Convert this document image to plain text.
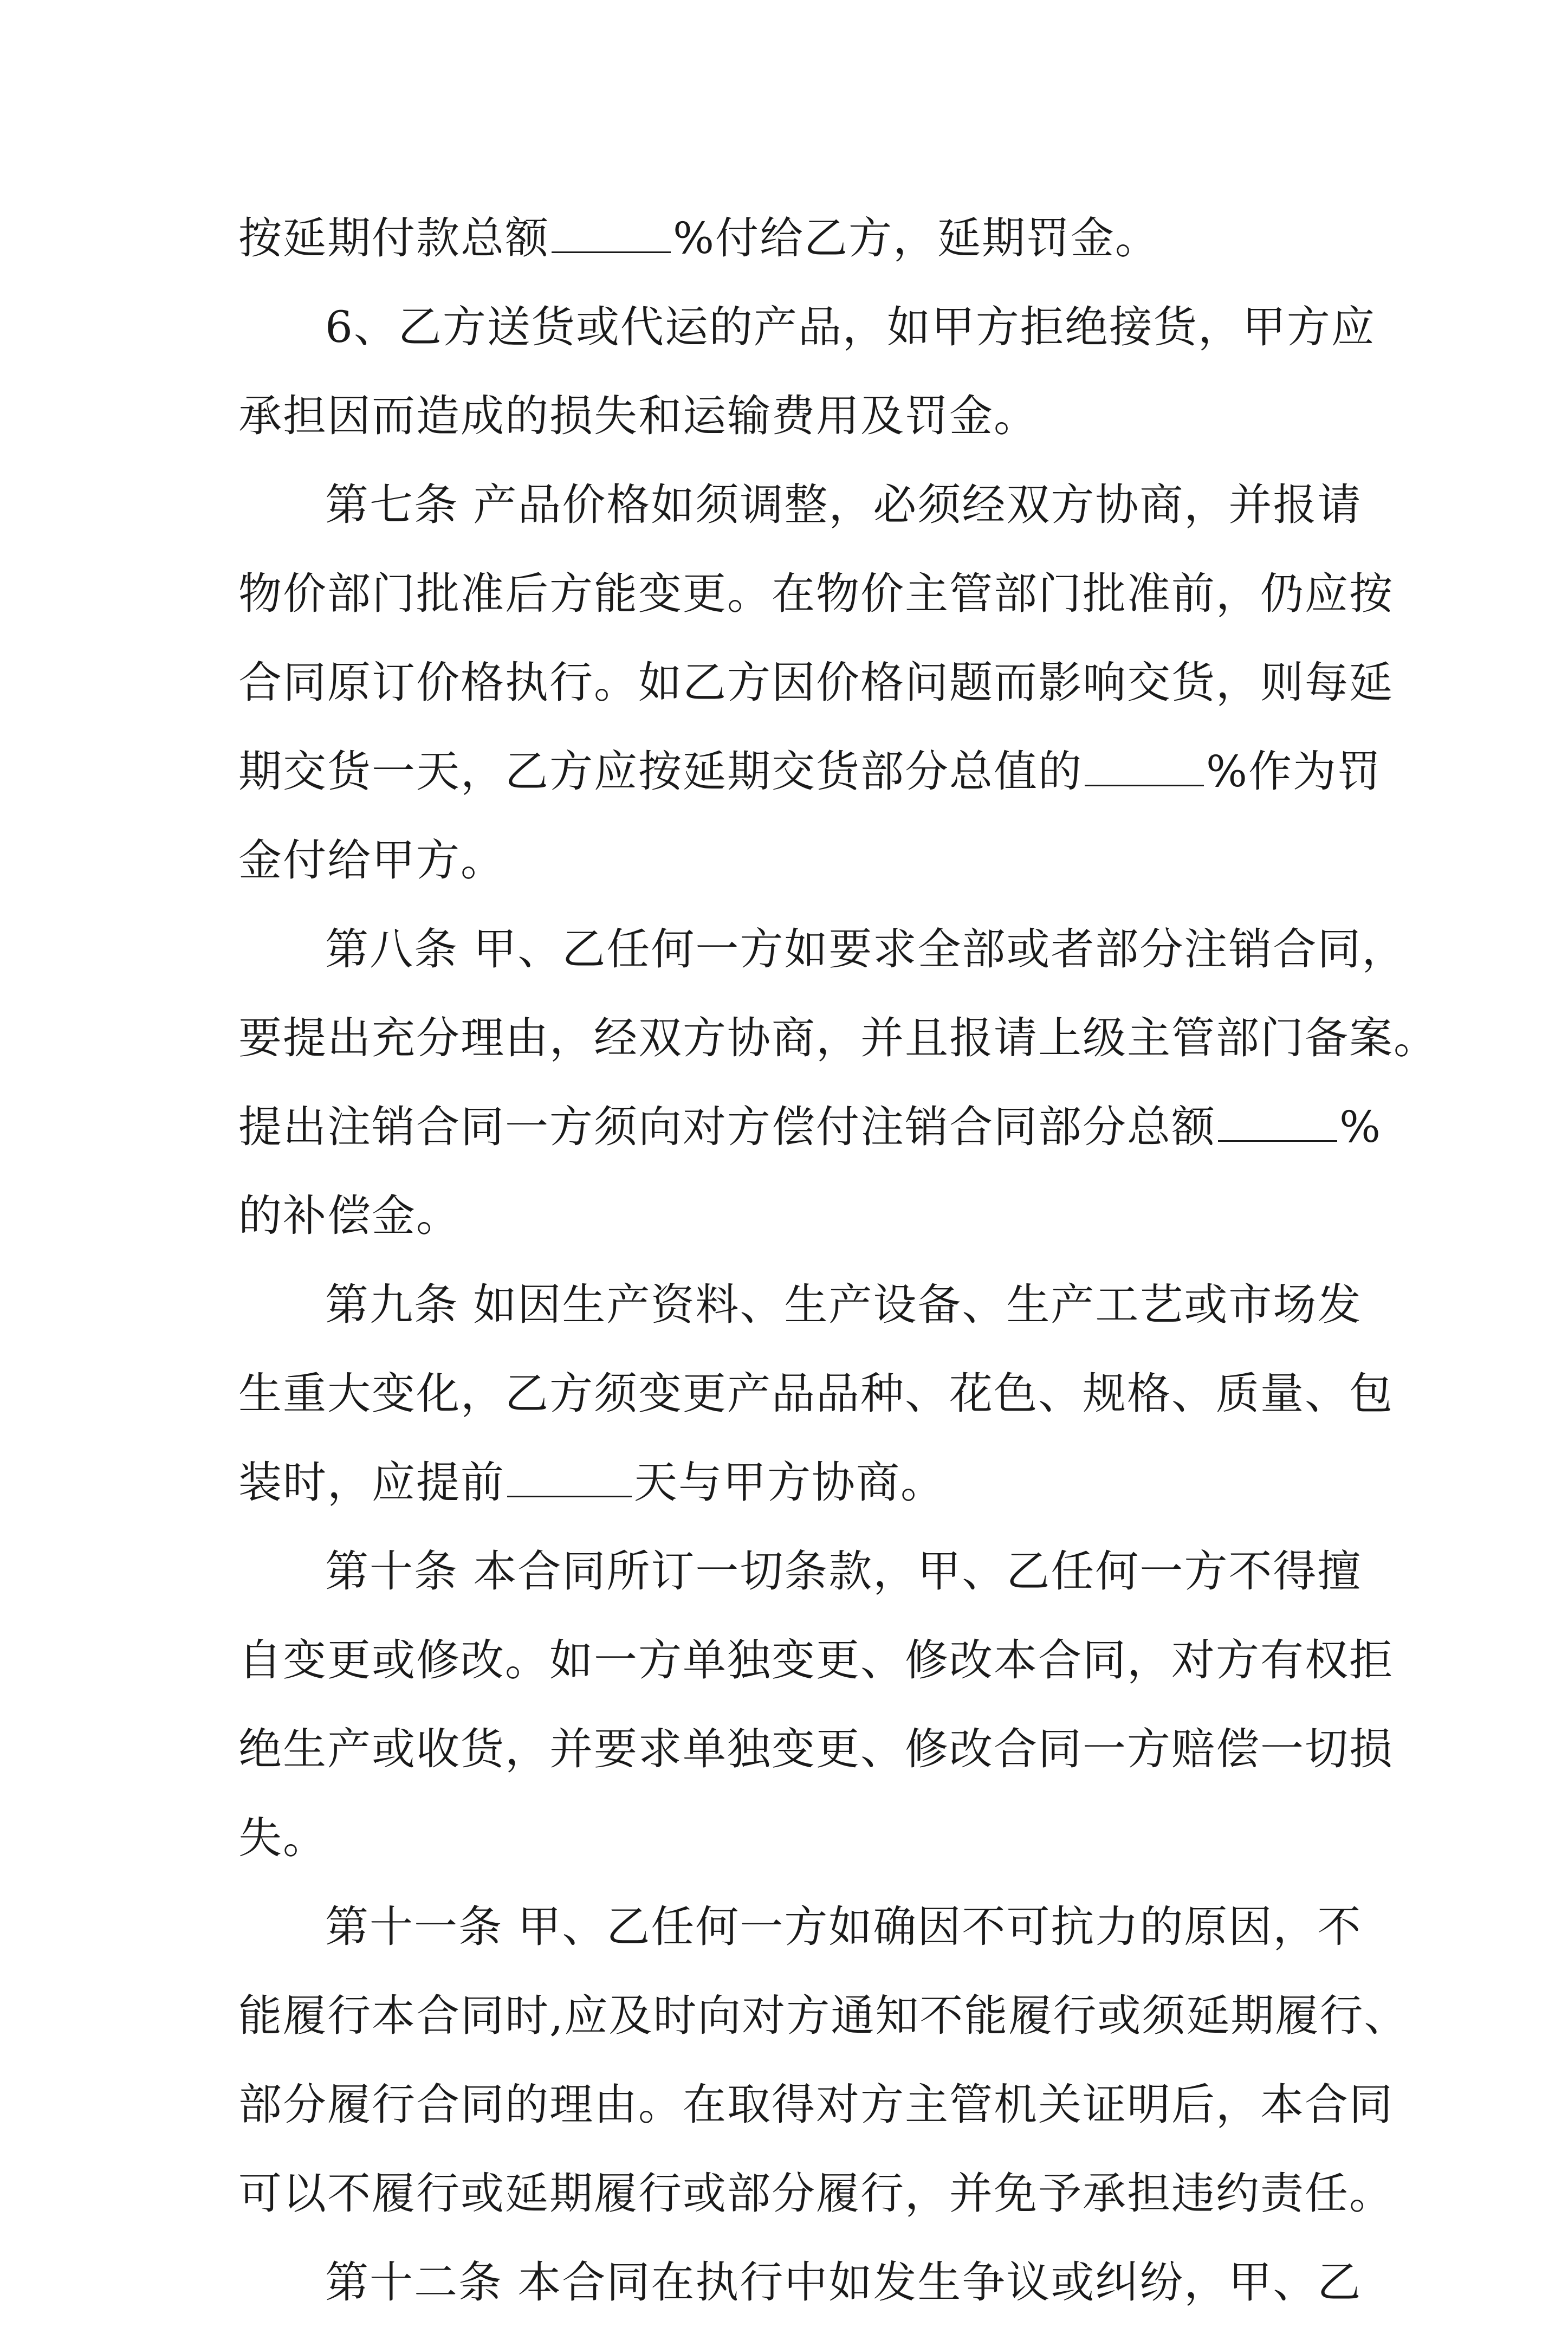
按延期付款总额	%付给乙方，延期罚金。
6、乙方送货或代运的产品，如甲方拒绝接货，甲方应
承担因而造成的损失和运输费用及罚金。
第七条 产品价格如须调整，必须经双方协商，并报请
物价部门批准后方能变更。在物价主管部门批准前，仍应按
合同原订价格执行。如乙方因价格问题而影响交货，则每延
期交货一天，乙方应按延期交货部分总值的	%作为罚
金付给甲方。
第八条 甲、乙任何一方如要求全部或者部分注销合同，
要提出充分理由，经双方协商，并且报请上级主管部门备案。
提出注销合同一方须向对方偿付注销合同部分总额	%
的补偿金。
第九条 如因生产资料、生产设备、生产工艺或市场发
生重大变化，乙方须变更产品品种、花色、规格、质量、包
装时，应提前	天与甲方协商。
第十条 本合同所订一切条款，甲、乙任何一方不得擅
自变更或修改。如一方单独变更、修改本合同，对方有权拒
绝生产或收货，并要求单独变更、修改合同一方赔偿一切损
失。
第十一条 甲、乙任何一方如确因不可抗力的原因，不
能履行本合同时,应及时向对方通知不能履行或须延期履行、
部分履行合同的理由。在取得对方主管机关证明后，本合同
可以不履行或延期履行或部分履行，并免予承担违约责任。
第十二条 本合同在执行中如发生争议或纠纷，甲、乙
